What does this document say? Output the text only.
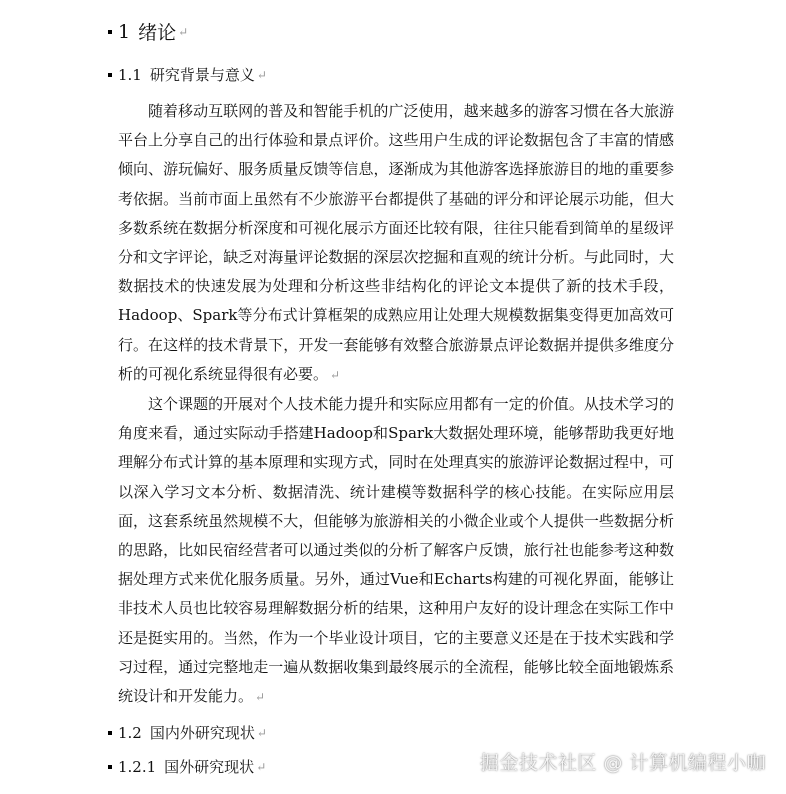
1 绪论 ↵
1.1 研究背景与意义 ↵

随着移动互联网的普及和智能手机的广泛使用，越来越多的游客习惯在各大旅游平台上分享自己的出行体验和景点评价。这些用户生成的评论数据包含了丰富的情感倾向、游玩偏好、服务质量反馈等信息，逐渐成为其他游客选择旅游目的地的重要参考依据。当前市面上虽然有不少旅游平台都提供了基础的评分和评论展示功能，但大多数系统在数据分析深度和可视化展示方面还比较有限，往往只能看到简单的星级评分和文字评论，缺乏对海量评论数据的深层次挖掘和直观的统计分析。与此同时，大数据技术的快速发展为处理和分析这些非结构化的评论文本提供了新的技术手段，Hadoop、Spark等分布式计算框架的成熟应用让处理大规模数据集变得更加高效可行。在这样的技术背景下，开发一套能够有效整合旅游景点评论数据并提供多维度分析的可视化系统显得很有必要。 ↵

这个课题的开展对个人技术能力提升和实际应用都有一定的价值。从技术学习的角度来看，通过实际动手搭建Hadoop和Spark大数据处理环境，能够帮助我更好地理解分布式计算的基本原理和实现方式，同时在处理真实的旅游评论数据过程中，可以深入学习文本分析、数据清洗、统计建模等数据科学的核心技能。在实际应用层面，这套系统虽然规模不大，但能够为旅游相关的小微企业或个人提供一些数据分析的思路，比如民宿经营者可以通过类似的分析了解客户反馈，旅行社也能参考这种数据处理方式来优化服务质量。另外，通过Vue和Echarts构建的可视化界面，能够让非技术人员也比较容易理解数据分析的结果，这种用户友好的设计理念在实际工作中还是挺实用的。当然，作为一个毕业设计项目，它的主要意义还是在于技术实践和学习过程，通过完整地走一遍从数据收集到最终展示的全流程，能够比较全面地锻炼系统设计和开发能力。 ↵

1.2 国内外研究现状 ↵
1.2.1 国外研究现状 ↵	掘金技术社区 @ 计算机编程小咖
